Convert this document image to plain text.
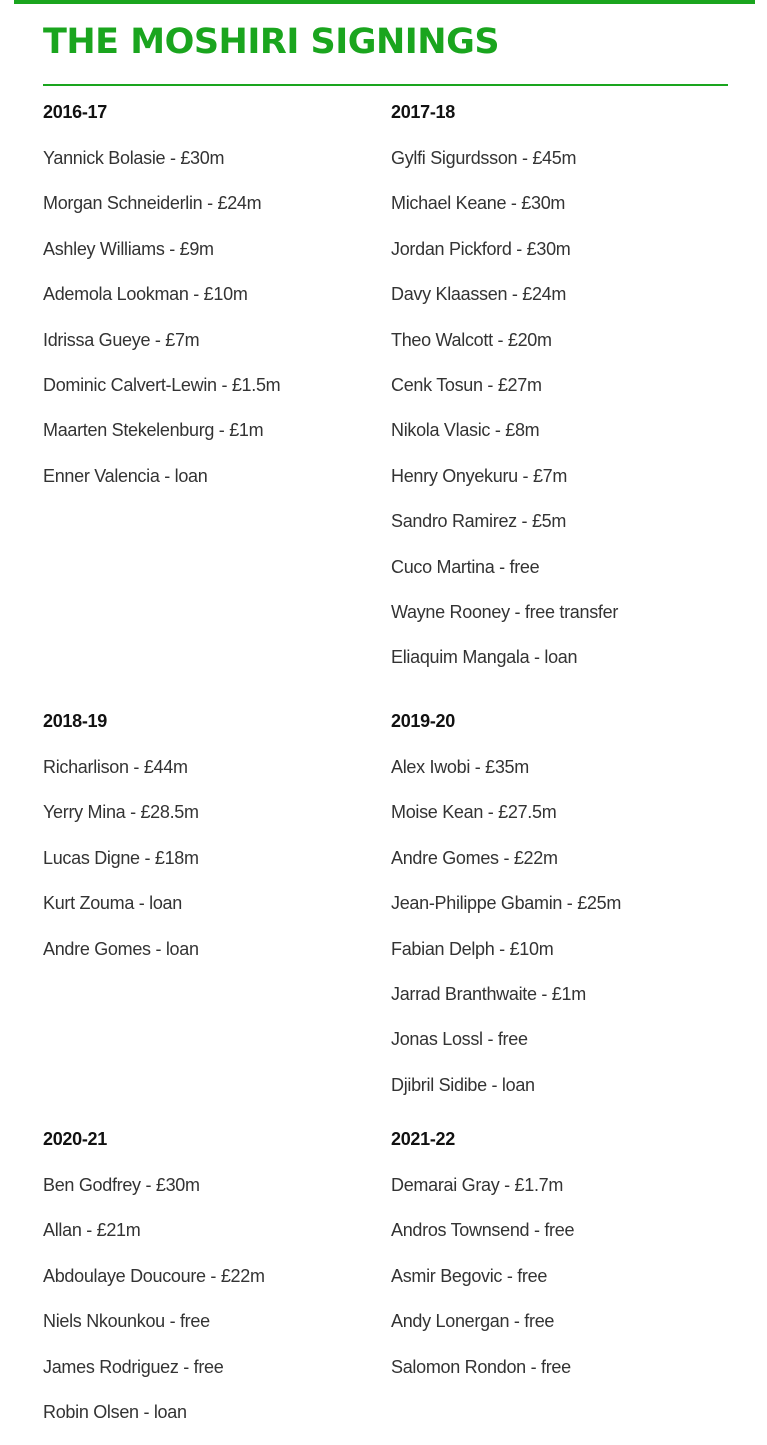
THE MOSHIRI SIGNINGS
2016-17
Yannick Bolasie - £30m
Morgan Schneiderlin - £24m
Ashley Williams - £9m
Ademola Lookman - £10m
Idrissa Gueye - £7m
Dominic Calvert-Lewin - £1.5m
Maarten Stekelenburg - £1m
Enner Valencia - loan
2017-18
Gylfi Sigurdsson - £45m
Michael Keane - £30m
Jordan Pickford - £30m
Davy Klaassen - £24m
Theo Walcott - £20m
Cenk Tosun - £27m
Nikola Vlasic - £8m
Henry Onyekuru - £7m
Sandro Ramirez - £5m
Cuco Martina - free
Wayne Rooney - free transfer
Eliaquim Mangala - loan
2018-19
Richarlison - £44m
Yerry Mina - £28.5m
Lucas Digne - £18m
Kurt Zouma - loan
Andre Gomes - loan
2019-20
Alex Iwobi - £35m
Moise Kean - £27.5m
Andre Gomes - £22m
Jean-Philippe Gbamin - £25m
Fabian Delph - £10m
Jarrad Branthwaite - £1m
Jonas Lossl - free
Djibril Sidibe - loan
2020-21
Ben Godfrey - £30m
Allan - £21m
Abdoulaye Doucoure - £22m
Niels Nkounkou - free
James Rodriguez - free
Robin Olsen - loan
2021-22
Demarai Gray - £1.7m
Andros Townsend - free
Asmir Begovic - free
Andy Lonergan - free
Salomon Rondon - free
